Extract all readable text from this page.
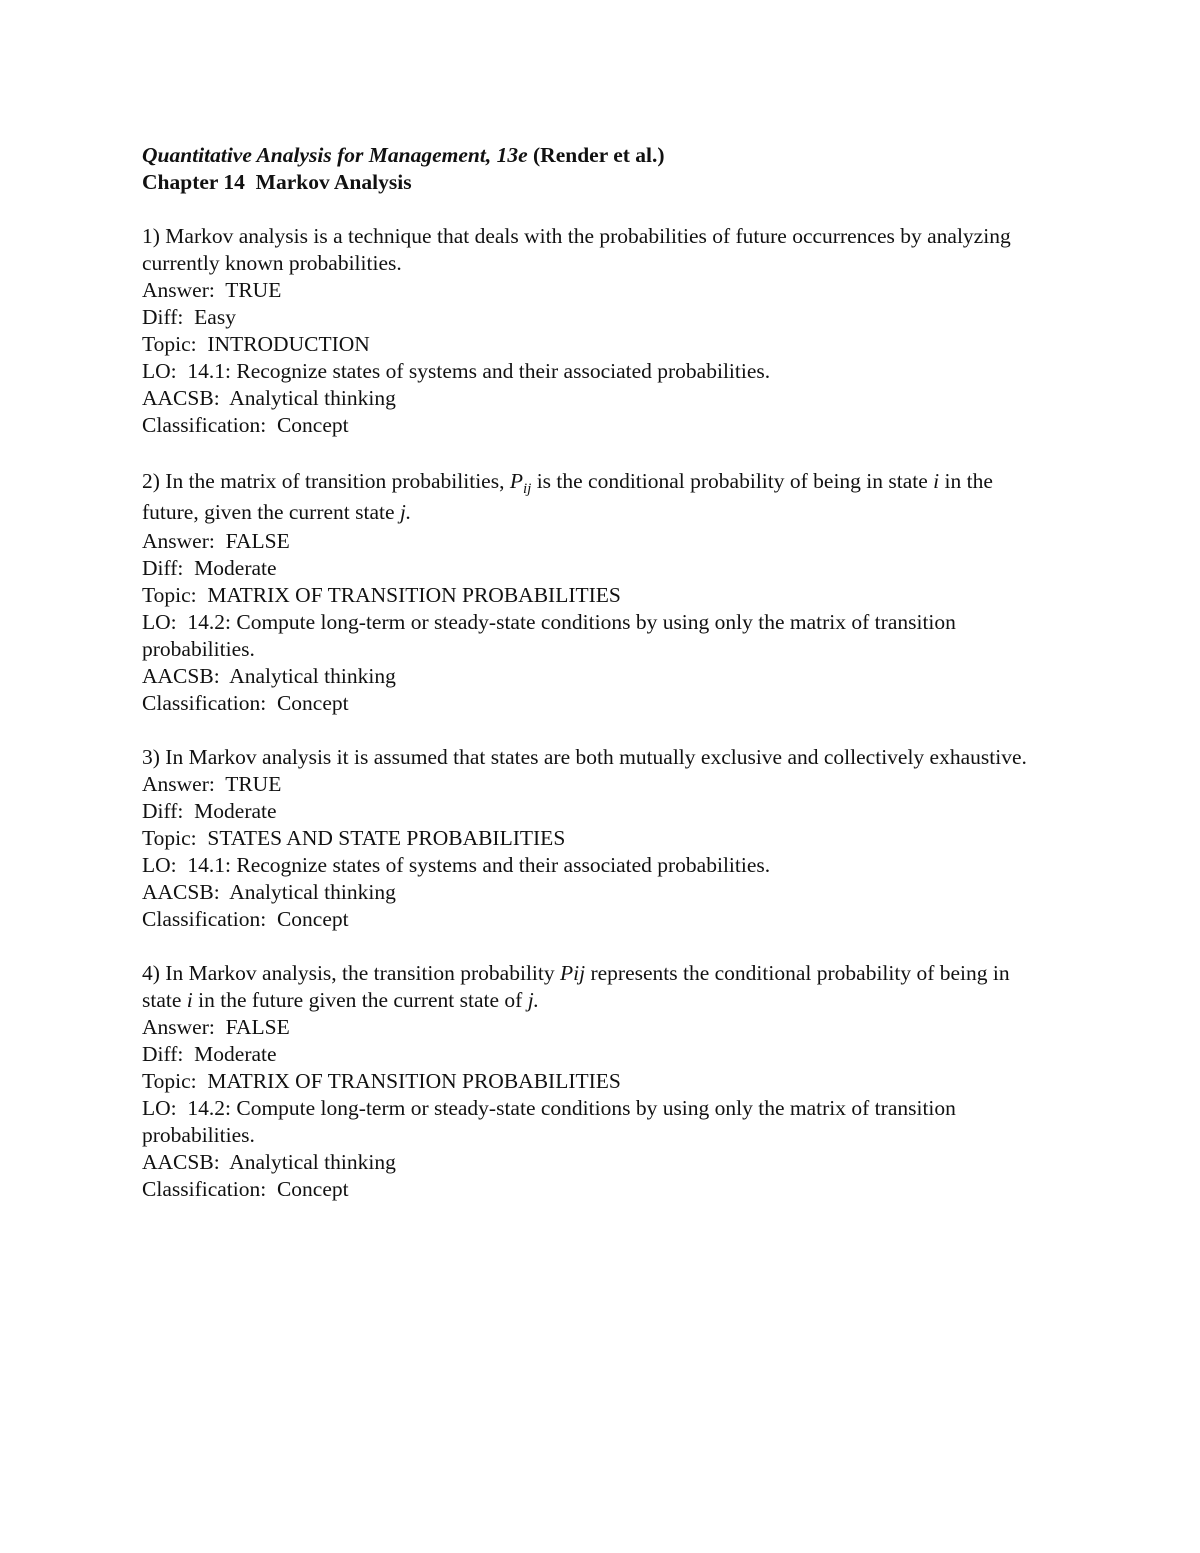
Quantitative Analysis for Management, 13e (Render et al.)
Chapter 14  Markov Analysis
1) Markov analysis is a technique that deals with the probabilities of future occurrences by analyzing currently known probabilities.
Answer:  TRUE
Diff:  Easy
Topic:  INTRODUCTION
LO:  14.1: Recognize states of systems and their associated probabilities.
AACSB:  Analytical thinking
Classification:  Concept
2) In the matrix of transition probabilities, $P_{ij}$ is the conditional probability of being in state i in the future, given the current state j.
Answer:  FALSE
Diff:  Moderate
Topic:  MATRIX OF TRANSITION PROBABILITIES
LO:  14.2: Compute long-term or steady-state conditions by using only the matrix of transition probabilities.
AACSB:  Analytical thinking
Classification:  Concept
3) In Markov analysis it is assumed that states are both mutually exclusive and collectively exhaustive.
Answer:  TRUE
Diff:  Moderate
Topic:  STATES AND STATE PROBABILITIES
LO:  14.1: Recognize states of systems and their associated probabilities.
AACSB:  Analytical thinking
Classification:  Concept
4) In Markov analysis, the transition probability Pij represents the conditional probability of being in state i in the future given the current state of j.
Answer:  FALSE
Diff:  Moderate
Topic:  MATRIX OF TRANSITION PROBABILITIES
LO:  14.2: Compute long-term or steady-state conditions by using only the matrix of transition probabilities.
AACSB:  Analytical thinking
Classification:  Concept
